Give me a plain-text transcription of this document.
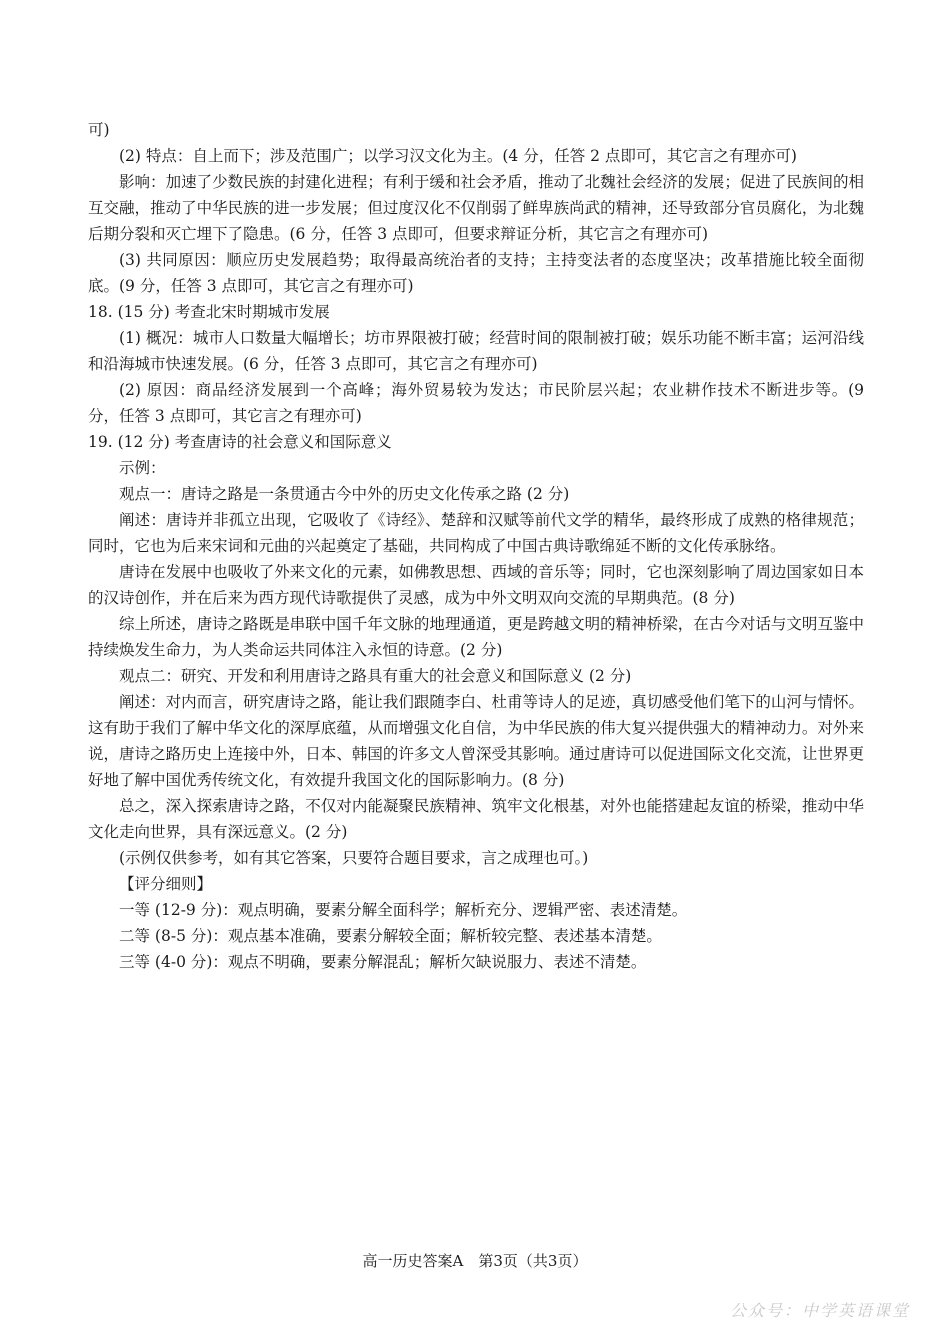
可)

(2) 特点：自上而下；涉及范围广；以学习汉文化为主。(4 分，任答 2 点即可，其它言之有理亦可)

影响：加速了少数民族的封建化进程；有利于缓和社会矛盾，推动了北魏社会经济的发展；促进了民族间的相互交融，推动了中华民族的进一步发展；但过度汉化不仅削弱了鲜卑族尚武的精神，还导致部分官员腐化，为北魏后期分裂和灭亡埋下了隐患。(6 分，任答 3 点即可，但要求辩证分析，其它言之有理亦可)

(3) 共同原因：顺应历史发展趋势；取得最高统治者的支持；主持变法者的态度坚决；改革措施比较全面彻底。(9 分，任答 3 点即可，其它言之有理亦可)

18. (15 分) 考查北宋时期城市发展

(1) 概况：城市人口数量大幅增长；坊市界限被打破；经营时间的限制被打破；娱乐功能不断丰富；运河沿线和沿海城市快速发展。(6 分，任答 3 点即可，其它言之有理亦可)

(2) 原因：商品经济发展到一个高峰；海外贸易较为发达；市民阶层兴起；农业耕作技术不断进步等。(9 分，任答 3 点即可，其它言之有理亦可)

19. (12 分) 考查唐诗的社会意义和国际意义

示例：

观点一：唐诗之路是一条贯通古今中外的历史文化传承之路 (2 分)

阐述：唐诗并非孤立出现，它吸收了《诗经》、楚辞和汉赋等前代文学的精华，最终形成了成熟的格律规范；同时，它也为后来宋词和元曲的兴起奠定了基础，共同构成了中国古典诗歌绵延不断的文化传承脉络。

唐诗在发展中也吸收了外来文化的元素，如佛教思想、西域的音乐等；同时，它也深刻影响了周边国家如日本的汉诗创作，并在后来为西方现代诗歌提供了灵感，成为中外文明双向交流的早期典范。(8 分)

综上所述，唐诗之路既是串联中国千年文脉的地理通道，更是跨越文明的精神桥梁，在古今对话与文明互鉴中持续焕发生命力，为人类命运共同体注入永恒的诗意。(2 分)

观点二：研究、开发和利用唐诗之路具有重大的社会意义和国际意义 (2 分)

阐述：对内而言，研究唐诗之路，能让我们跟随李白、杜甫等诗人的足迹，真切感受他们笔下的山河与情怀。这有助于我们了解中华文化的深厚底蕴，从而增强文化自信，为中华民族的伟大复兴提供强大的精神动力。对外来说，唐诗之路历史上连接中外，日本、韩国的许多文人曾深受其影响。通过唐诗可以促进国际文化交流，让世界更好地了解中国优秀传统文化，有效提升我国文化的国际影响力。(8 分)

总之，深入探索唐诗之路，不仅对内能凝聚民族精神、筑牢文化根基，对外也能搭建起友谊的桥梁，推动中华文化走向世界，具有深远意义。(2 分)

(示例仅供参考，如有其它答案，只要符合题目要求，言之成理也可。)

【评分细则】

一等 (12-9 分)：观点明确，要素分解全面科学；解析充分、逻辑严密、表述清楚。

二等 (8-5 分)：观点基本准确，要素分解较全面；解析较完整、表述基本清楚。

三等 (4-0 分)：观点不明确，要素分解混乱；解析欠缺说服力、表述不清楚。

高一历史答案A　第3页（共3页）
公众号：中学英语课堂
